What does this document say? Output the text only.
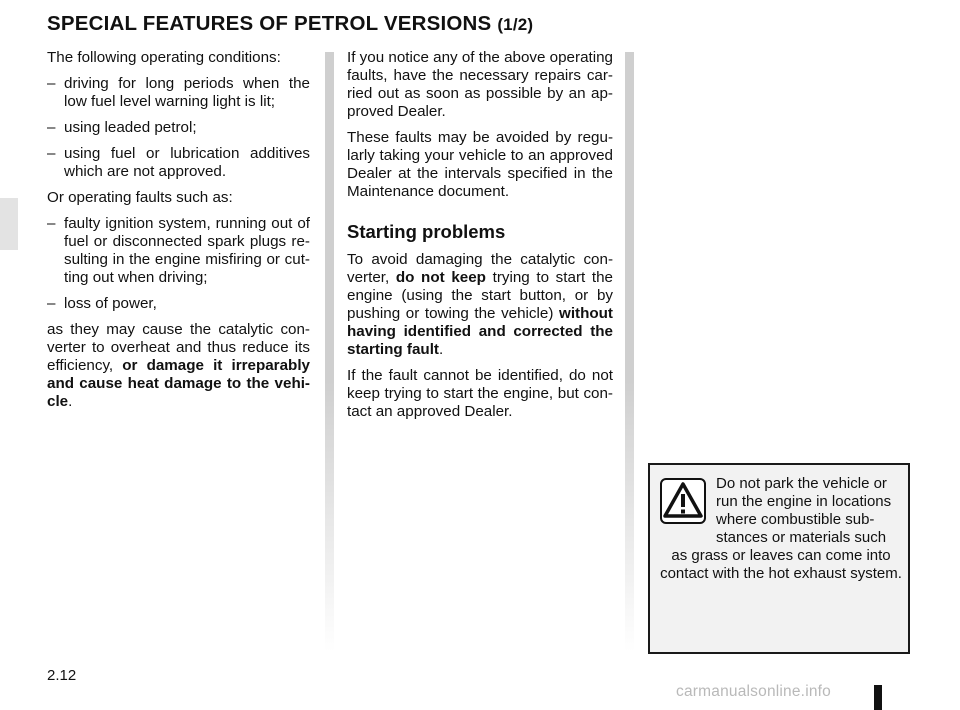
SPECIAL FEATURES OF PETROL VERSIONS (1/2)

The following operating conditions:

– driving for long periods when the low fuel level warning light is lit;
– using leaded petrol;
– using fuel or lubrication additives which are not approved.

Or operating faults such as:

– faulty ignition system, running out of fuel or disconnected spark plugs re-sulting in the engine misfiring or cut-ting out when driving;
– loss of power,

as they may cause the catalytic con-verter to overheat and thus reduce its efficiency, or damage it irreparably and cause heat damage to the vehi-cle.

If you notice any of the above operating faults, have the necessary repairs car-ried out as soon as possible by an ap-proved Dealer.

These faults may be avoided by regu-larly taking your vehicle to an approved Dealer at the intervals specified in the Maintenance document.

Starting problems

To avoid damaging the catalytic con-verter, do not keep trying to start the engine (using the start button, or by pushing or towing the vehicle) without having identified and corrected the starting fault.

If the fault cannot be identified, do not keep trying to start the engine, but con-tact an approved Dealer.

Do not park the vehicle or
run the engine in locations
where combustible sub-
stances or materials such
as grass or leaves can come into contact with the hot exhaust system.
2.12
carmanualsonline.info
